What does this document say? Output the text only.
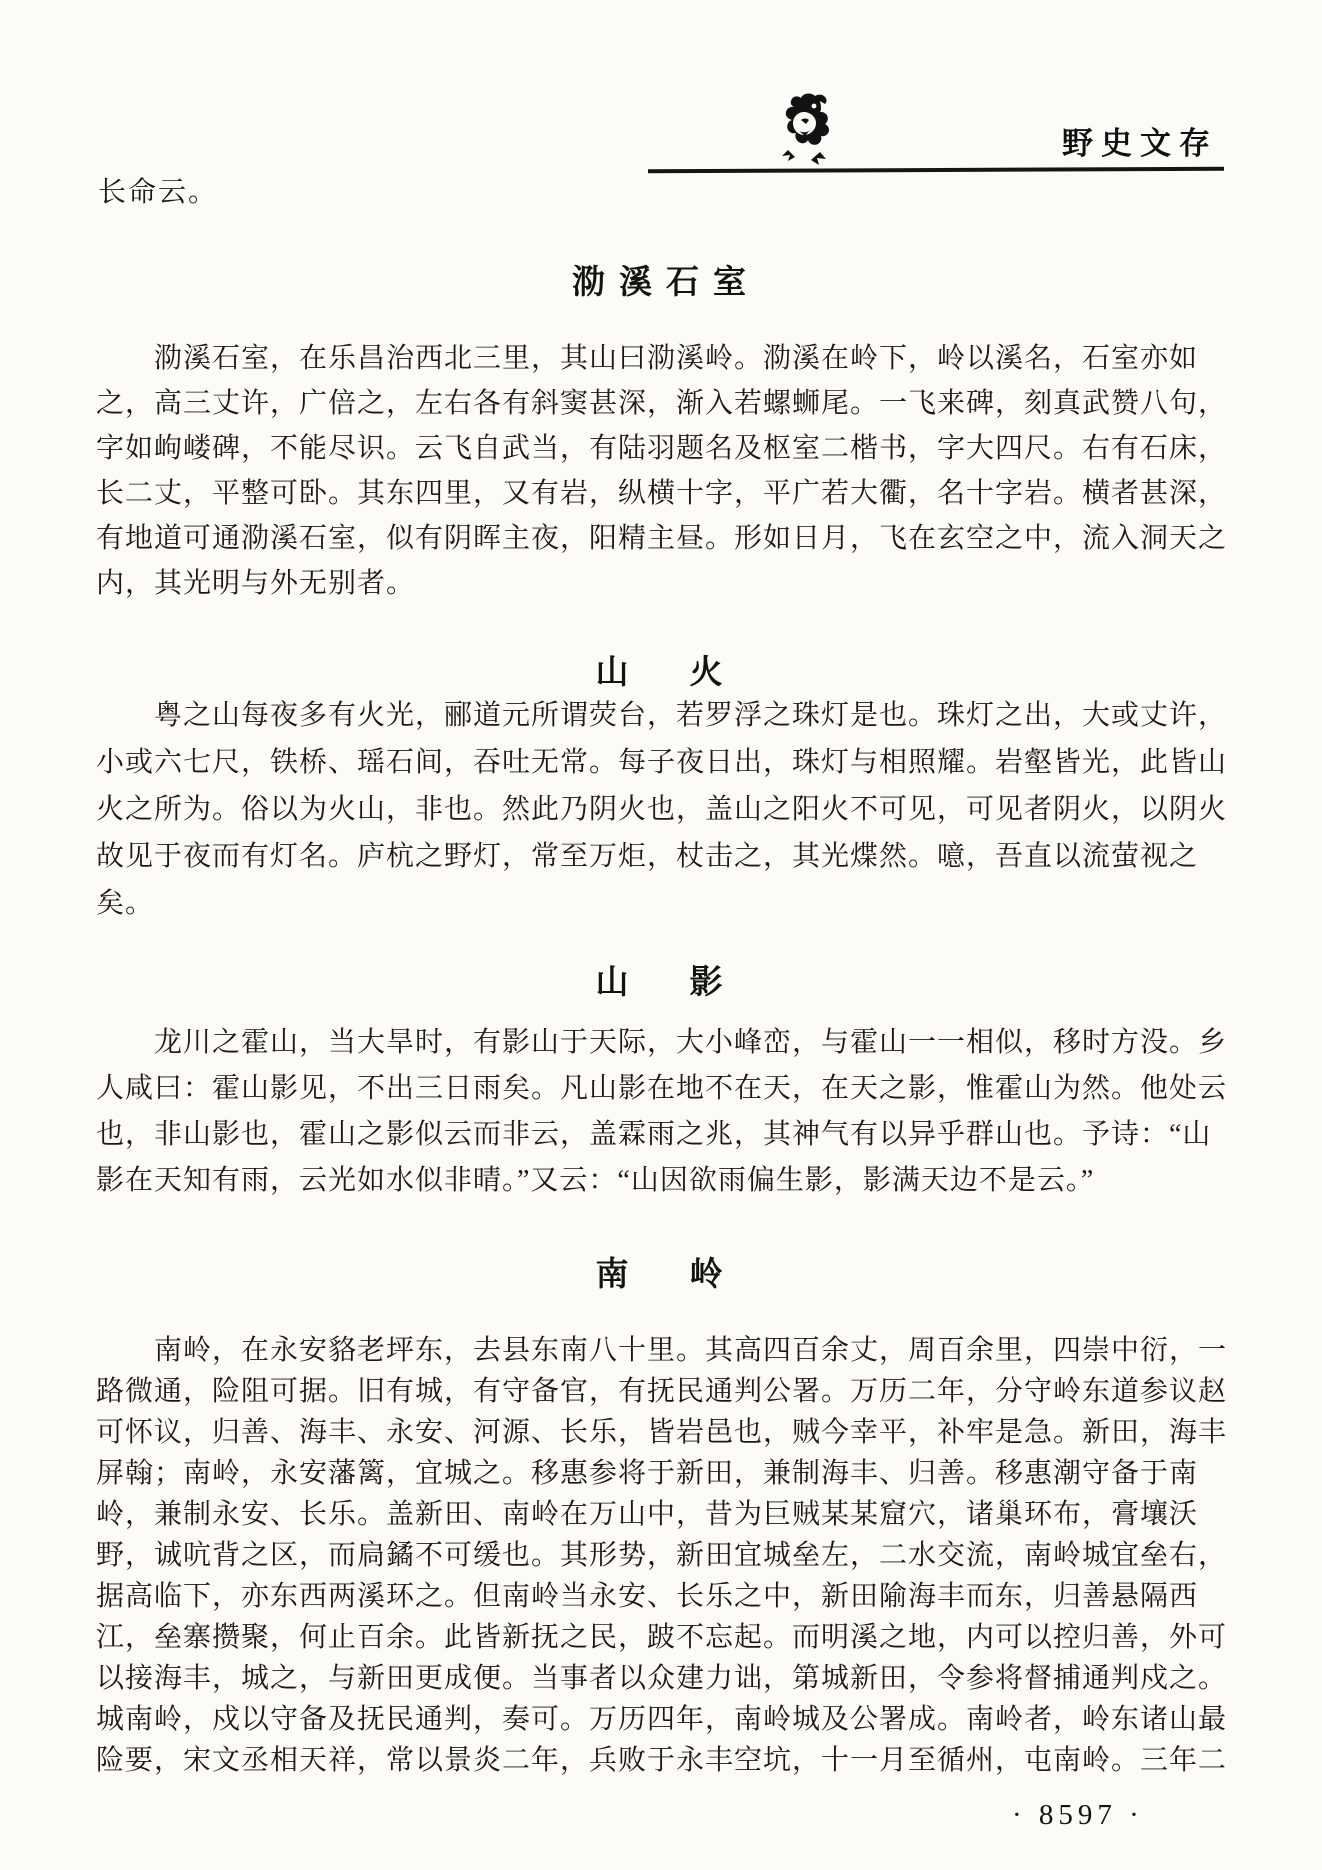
野史文存
长命云。
泐溪石室
泐溪石室，在乐昌治西北三里，其山曰泐溪岭。泐溪在岭下，岭以溪名，石室亦如
之，高三丈许，广倍之，左右各有斜窦甚深，渐入若螺蛳尾。一飞来碑，刻真武赞八句，
字如岣嵝碑，不能尽识。云飞自武当，有陆羽题名及枢室二楷书，字大四尺。右有石床，
长二丈，平整可卧。其东四里，又有岩，纵横十字，平广若大衢，名十字岩。横者甚深，
有地道可通泐溪石室，似有阴晖主夜，阳精主昼。形如日月，飞在玄空之中，流入洞天之
内，其光明与外无别者。
山　火
粤之山每夜多有火光，郦道元所谓荧台，若罗浮之珠灯是也。珠灯之出，大或丈许，
小或六七尺，铁桥、瑶石间，吞吐无常。每子夜日出，珠灯与相照耀。岩壑皆光，此皆山
火之所为。俗以为火山，非也。然此乃阴火也，盖山之阳火不可见，可见者阴火，以阴火
故见于夜而有灯名。庐杭之野灯，常至万炬，杖击之，其光煠然。噫，吾直以流萤视之
矣。
山　影
龙川之霍山，当大旱时，有影山于天际，大小峰峦，与霍山一一相似，移时方没。乡
人咸曰：霍山影见，不出三日雨矣。凡山影在地不在天，在天之影，惟霍山为然。他处云
也，非山影也，霍山之影似云而非云，盖霖雨之兆，其神气有以异乎群山也。予诗：“山
影在天知有雨，云光如水似非晴。”又云：“山因欲雨偏生影，影满天边不是云。”
南　岭
南岭，在永安貉老坪东，去县东南八十里。其高四百余丈，周百余里，四崇中衍，一
路微通，险阻可据。旧有城，有守备官，有抚民通判公署。万历二年，分守岭东道参议赵
可怀议，归善、海丰、永安、河源、长乐，皆岩邑也，贼今幸平，补牢是急。新田，海丰
屏翰；南岭，永安藩篱，宜城之。移惠参将于新田，兼制海丰、归善。移惠潮守备于南
岭，兼制永安、长乐。盖新田、南岭在万山中，昔为巨贼某某窟穴，诸巢环布，膏壤沃
野，诚吭背之区，而扃鐍不可缓也。其形势，新田宜城垒左，二水交流，南岭城宜垒右，
据高临下，亦东西两溪环之。但南岭当永安、长乐之中，新田隃海丰而东，归善悬隔西
江，垒寨攒聚，何止百余。此皆新抚之民，跛不忘起。而明溪之地，内可以控归善，外可
以接海丰，城之，与新田更成便。当事者以众建力诎，第城新田，令参将督捕通判戍之。
城南岭，戍以守备及抚民通判，奏可。万历四年，南岭城及公署成。南岭者，岭东诸山最
险要，宋文丞相天祥，常以景炎二年，兵败于永丰空坑，十一月至循州，屯南岭。三年二
· 8597 ·
